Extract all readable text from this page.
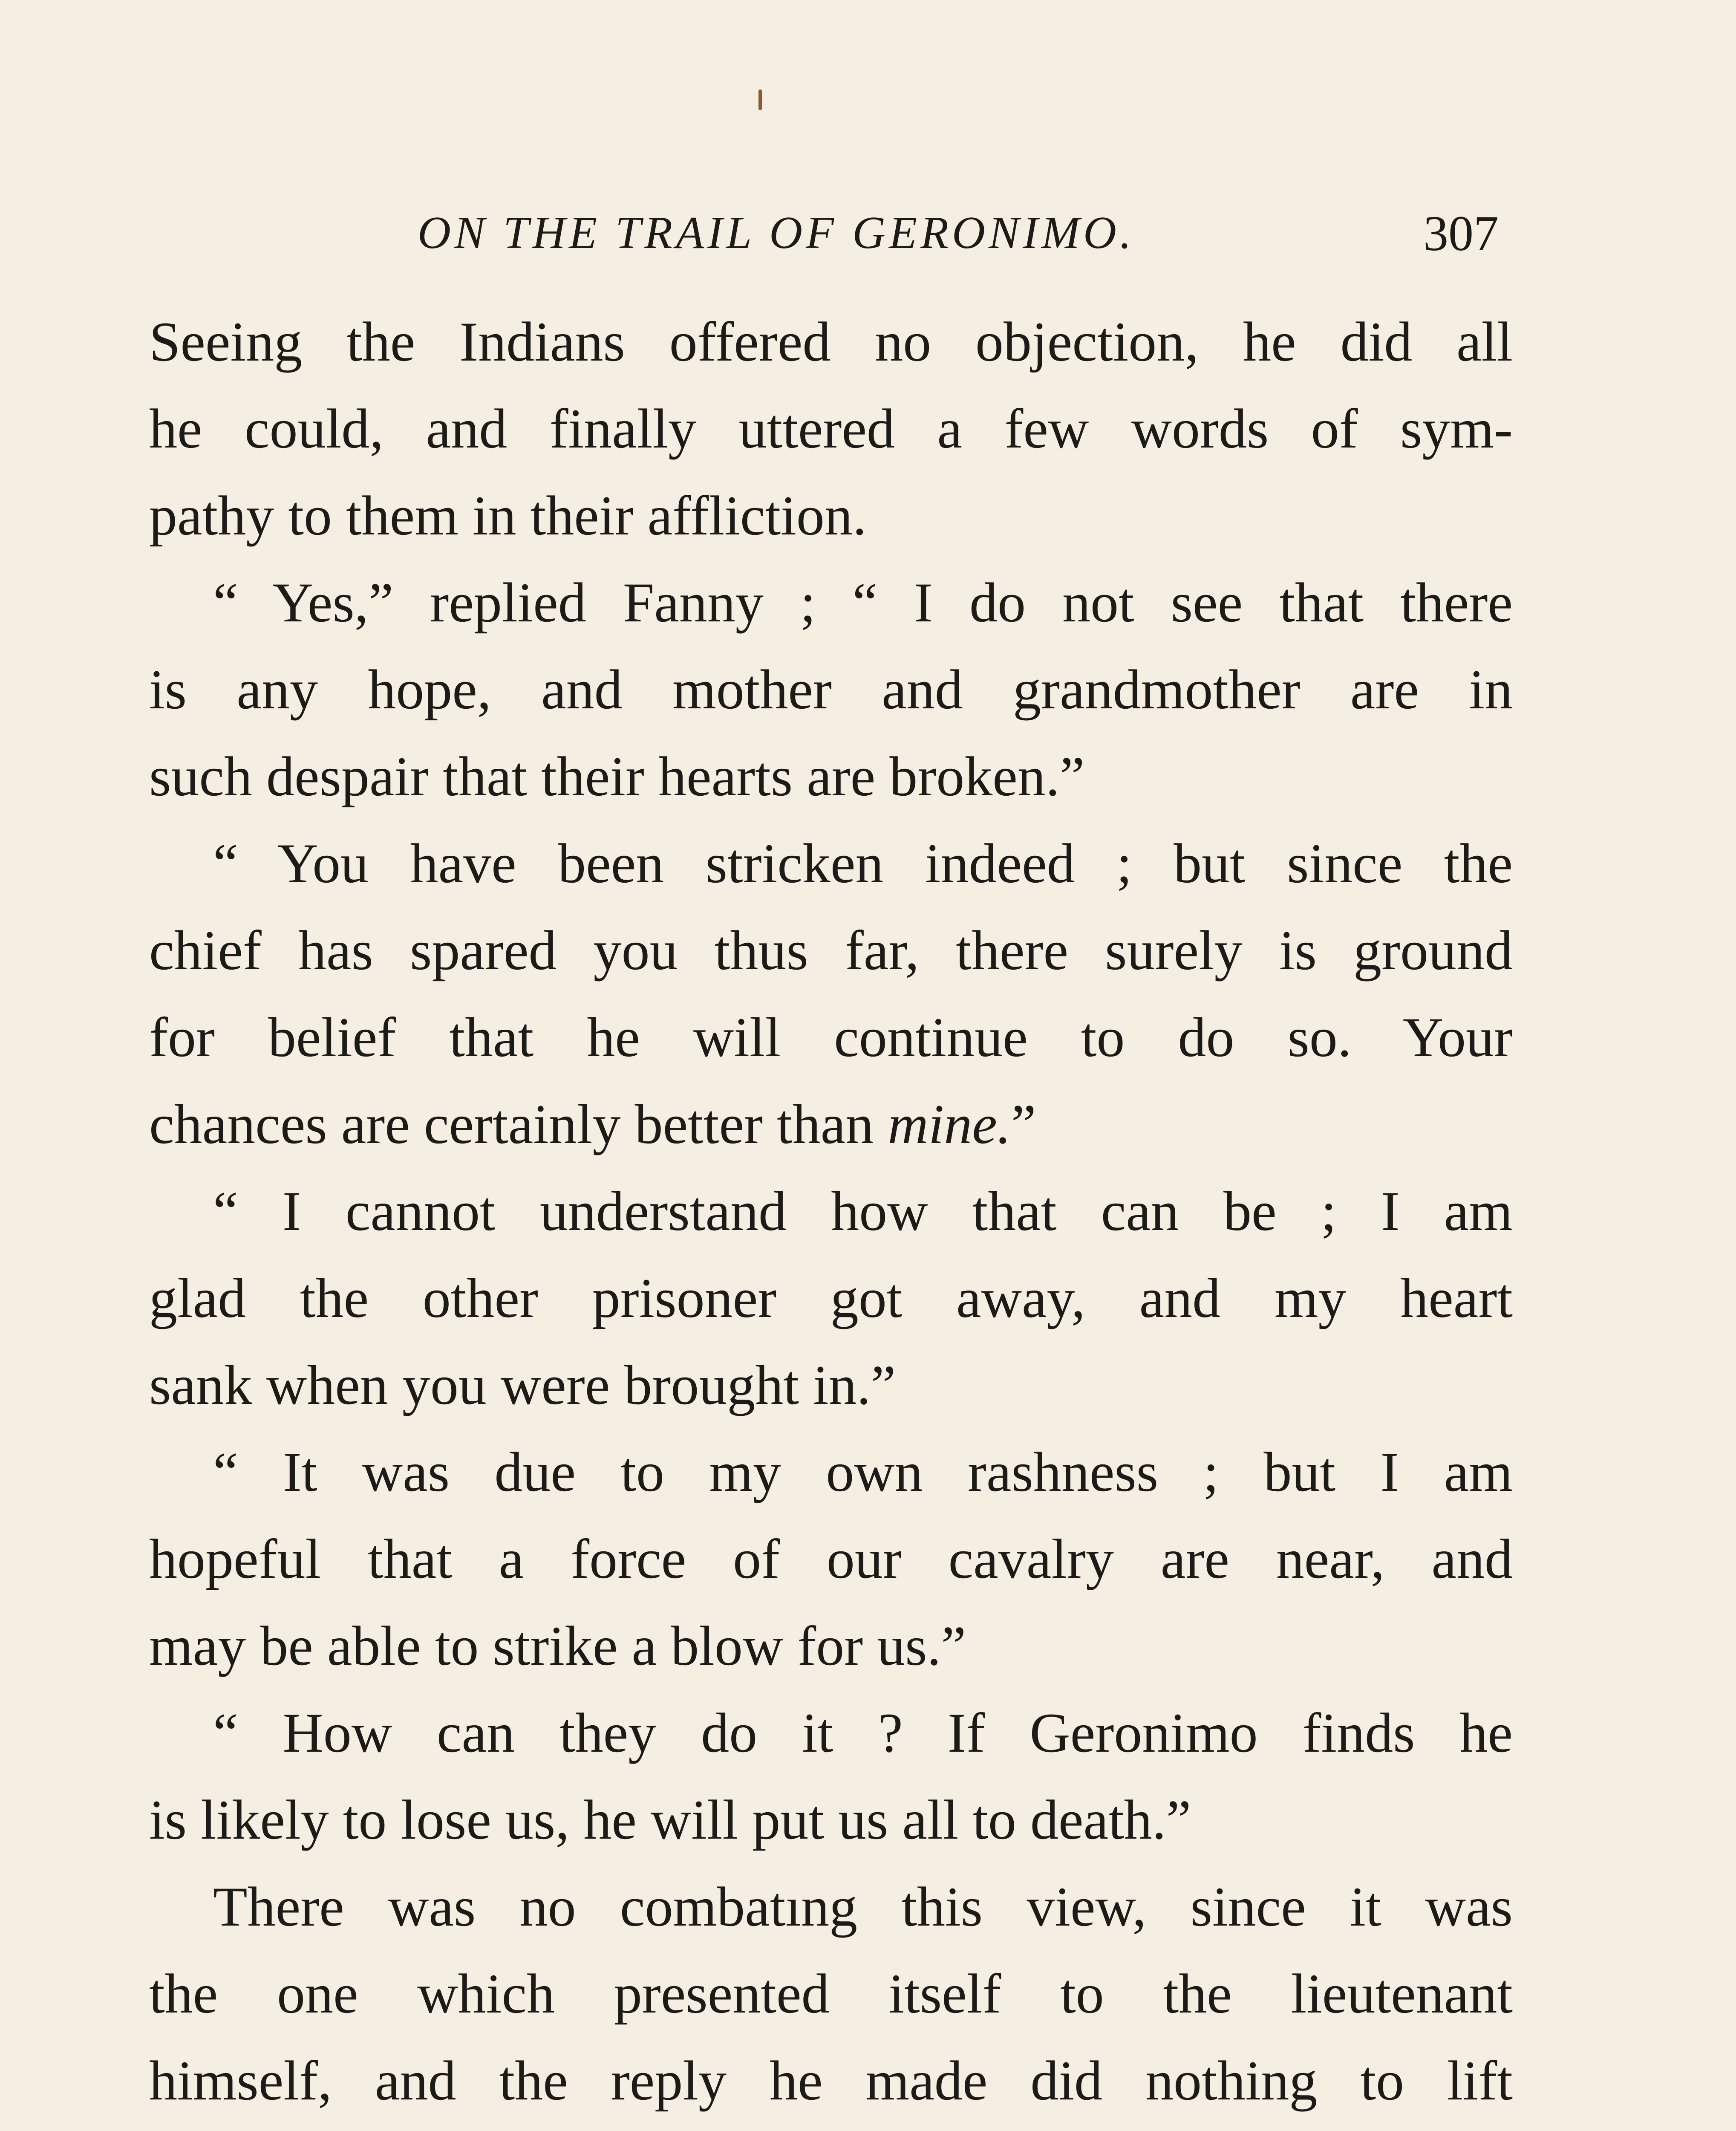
ON THE TRAIL OF GERONIMO.	307
Seeing the Indians offered no objection, he did all
he could, and finally uttered a few words of sym-
pathy to them in their affliction.
“ Yes,” replied Fanny ; “ I do not see that there
is any hope, and mother and grandmother are in
such despair that their hearts are broken.”
“ You have been stricken indeed ; but since the
chief has spared you thus far, there surely is ground
for belief that he will continue to do so. Your
chances are certainly better than mine.”
“ I cannot understand how that can be ; I am
glad the other prisoner got away, and my heart
sank when you were brought in.”
“ It was due to my own rashness ; but I am
hopeful that a force of our cavalry are near, and
may be able to strike a blow for us.”
“ How can they do it ? If Geronimo finds he
is likely to lose us, he will put us all to death.”
There was no combatıng this view, since it was
the one which presented itself to the lieutenant
himself, and the reply he made did nothing to lift
